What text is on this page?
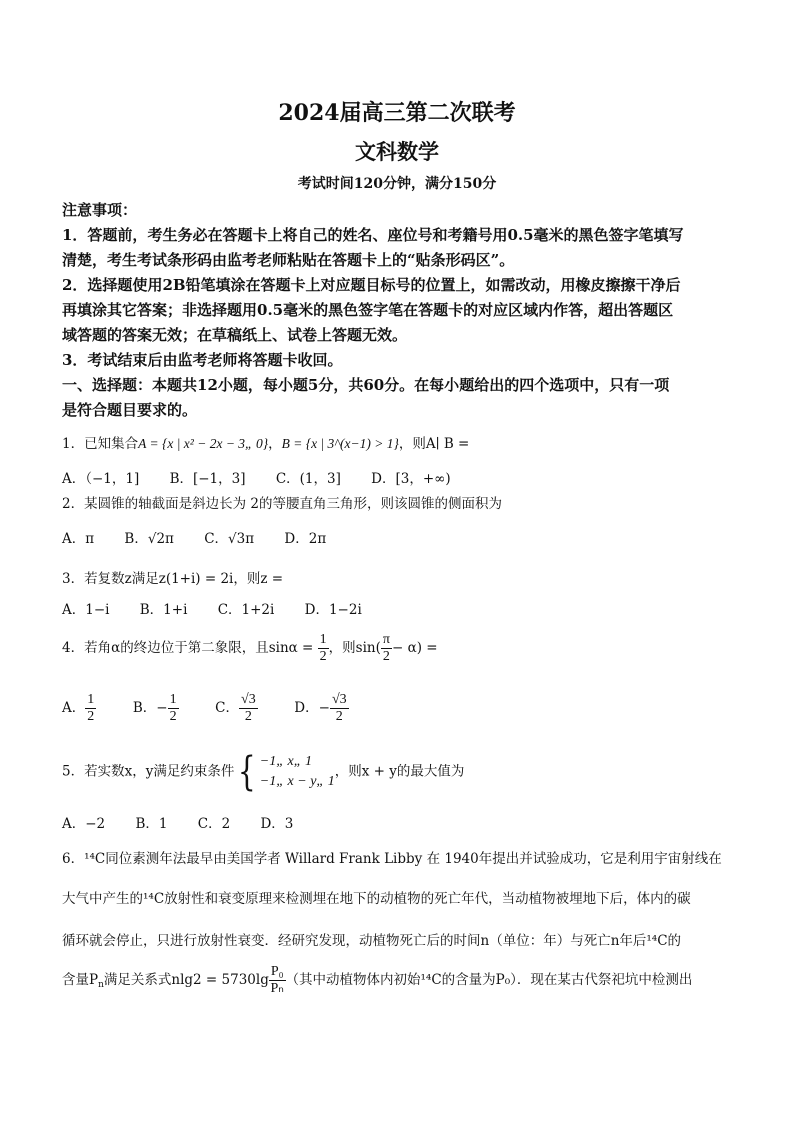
2024届高三第二次联考
文科数学
考试时间120分钟，满分150分
注意事项：
1．答题前，考生务必在答题卡上将自己的姓名、座位号和考籍号用0.5毫米的黑色签字笔填写
清楚，考生考试条形码由监考老师粘贴在答题卡上的“贴条形码区”。
2．选择题使用2B铅笔填涂在答题卡上对应题目标号的位置上，如需改动，用橡皮擦擦干净后
再填涂其它答案；非选择题用0.5毫米的黑色签字笔在答题卡的对应区域内作答，超出答题区
域答题的答案无效；在草稿纸上、试卷上答题无效。
3．考试结束后由监考老师将答题卡收回。
一、选择题：本题共12小题，每小题5分，共60分。在每小题给出的四个选项中，只有一项
是符合题目要求的。
1．已知集合A = {x | x² − 2x − 3„ 0}，B = {x | 3^(x−1) > 1}，则A∣ B =
A．（−1，1] B．[−1，3] C．(1，3] D．[3，+∞)
2．某圆锥的轴截面是斜边长为 2的等腰直角三角形，则该圆锥的侧面积为
A．π B．√2π C．√3π D．2π
3．若复数z满足z(1+i) = 2i，则z =
A．1−i B．1+i C．1+2i D．1−2i
4．若角α的终边位于第二象限，且$\sin\alpha = \frac{1}{2}$ ，则$\sin( \frac{\pi}{2} - \alpha)$ =
A． $\frac{1}{2}$	B．− $\frac{1}{2}$	C． $\frac{√3}{2}$	D．− $\frac{√3}{2}$
5．若实数x，y满足约束条件{ −1„ x„ 1
−1„ x − y„ 1
，则x + y的最大值为
A．−2 B．1 C．2 D．3
6．¹⁴C同位素测年法最早由美国学者 Willard Frank Libby 在 1940年提出并试验成功，它是利用宇宙射线在
大气中产生的¹⁴C放射性和衰变原理来检测埋在地下的动植物的死亡年代，当动植物被埋地下后，体内的碳
循环就会停止，只进行放射性衰变．经研究发现，动植物死亡后的时间n（单位：年）与死亡n年后¹⁴C的
含量$P_n$满足关系式$nlg2 = 5730\lg \frac{\text{P₀}}{\text{Pₙ}}$ （其中动植物体内初始¹⁴C的含量为P₀）．现在某古代祭祀坑中检测出
